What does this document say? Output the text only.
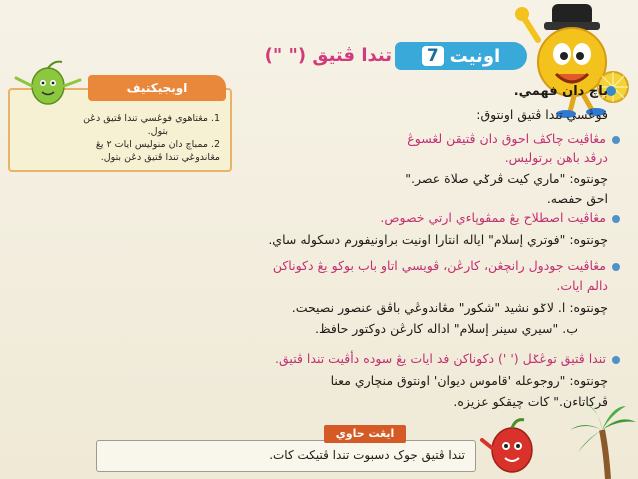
تندا ڤتيق (" ")	اونيت
7
اوبجيکتيف
1. مڠتاهوي فوڠسي تندا ڤتيق دڠن
بتول.
2. ممباچ دان منوليس ايات ٢ يڠ
مڠاندوڠي تندا ڤتيق دڠن بتول.
باچ دان فهمي.
فوڠسي تندا ڤتيق اونتوق:
مڠاڤيت چاکڤ احوق دان ڤتيقن لڠسوڠ
درڤد باهن برتوليس.
چونتوه: "ماري کيت ڤرݢي صلاة عصر."
احق حفصه.
مڠاڤيت اصطلاح يڠ ممڤوڽاءي ارتي خصوص.
چونتوه: "فوتري إسلام" اياله انتارا اونيت براونيفورم دسکوله ساي.
مڠاڤيت جودول رانچڠن، کارڠن، ڤويسي اتاو باب بوکو يڠ دکوناکن
دالم ايات.
چونتوه: ا. لاݢو نشيد "شکور" مڠاندوڠي باڤق عنصور نصيحت.
ب. "سيري سينر إسلام" اداله کارڠن دوکتور حافظ.
تندا ڤتيق توڠݢل (' ') دکوناکن فد ايات يڠ سوده دأڤيت تندا ڤتيق.
چونتوه: "روجوعله 'قاموس ديوان' اونتوق منچاري معنا
ڤرکاتاءن." کات چيقکو عزيزه.
تندا ڤتيق جوک دسبوت تندا ڤتيکت کات.
ايڠت حاوي
